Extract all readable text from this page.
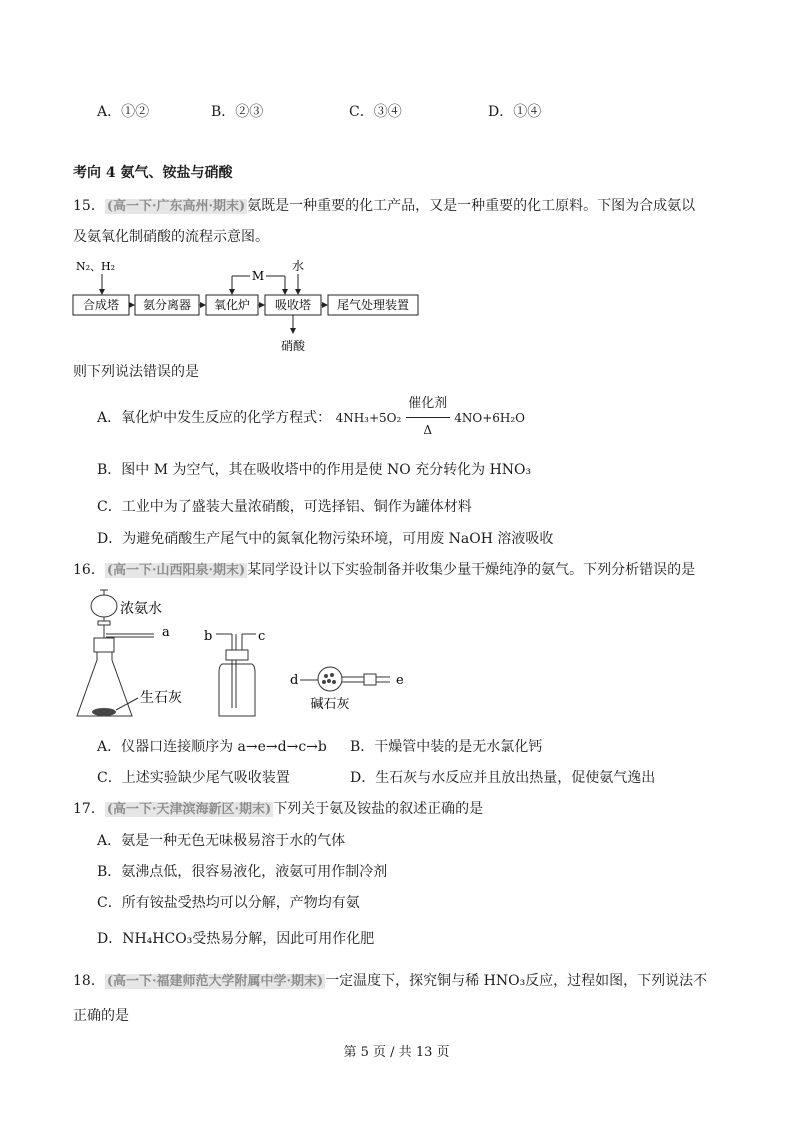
A．①②	B．②③	C．③④	D．①④
考向 4 氨气、铵盐与硝酸
15． (高一下·广东高州·期末) 氨既是一种重要的化工产品，又是一种重要的化工原料。下图为合成氨以
及氨氧化制硝酸的流程示意图。
N₂、H₂
合成塔 氨分离器 氧化炉 吸收塔 尾气处理装置
M
水
硝酸
则下列说法错误的是
A．氧化炉中发生反应的化学方程式： 4NH₃+5O₂
催化剂
Δ
4NO+6H₂O
B．图中 M 为空气，其在吸收塔中的作用是使 NO 充分转化为 HNO₃
C．工业中为了盛装大量浓硝酸，可选择铝、铜作为罐体材料
D．为避免硝酸生产尾气中的氮氧化物污染环境，可用废 NaOH 溶液吸收
16． (高一下·山西阳泉·期末) 某同学设计以下实验制备并收集少量干燥纯净的氨气。下列分析错误的是
浓氨水
a
生石灰
b	c
d	e
碱石灰
A．仪器口连接顺序为 a→e→d→c→b B．干燥管中装的是无水氯化钙
C．上述实验缺少尾气吸收装置	D．生石灰与水反应并且放出热量，促使氨气逸出
17． (高一下·天津滨海新区·期末) 下列关于氨及铵盐的叙述正确的是
A．氨是一种无色无味极易溶于水的气体
B．氨沸点低，很容易液化，液氨可用作制冷剂
C．所有铵盐受热均可以分解，产物均有氨
D．NH₄HCO₃受热易分解，因此可用作化肥
18． (高一下·福建师范大学附属中学·期末) 一定温度下，探究铜与稀 HNO₃反应，过程如图，下列说法不
正确的是
第 5 页 / 共 13 页
